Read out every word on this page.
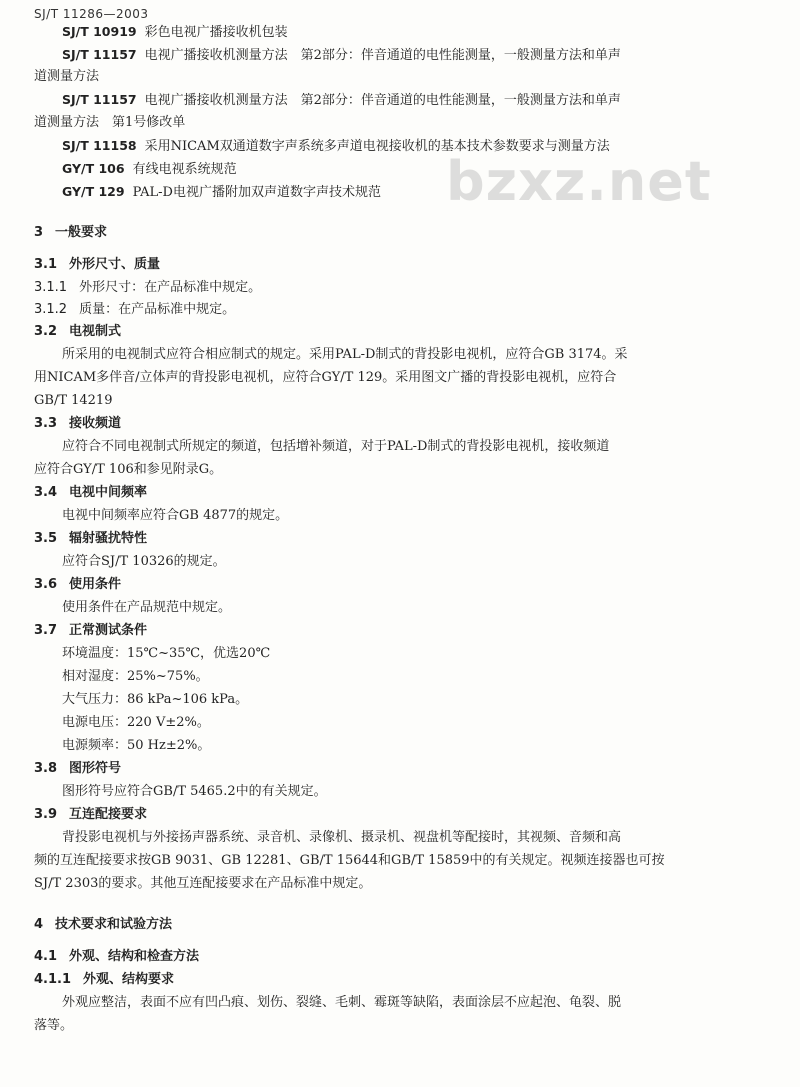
SJ/T 11286—2003
bzxz.net
SJ/T 10919 彩色电视广播接收机包装
SJ/T 11157 电视广播接收机测量方法　第2部分：伴音通道的电性能测量，一般测量方法和单声
道测量方法
SJ/T 11157 电视广播接收机测量方法　第2部分：伴音通道的电性能测量，一般测量方法和单声
道测量方法　第1号修改单
SJ/T 11158 采用NICAM双通道数字声系统多声道电视接收机的基本技术参数要求与测量方法
GY/T 106 有线电视系统规范
GY/T 129 PAL-D电视广播附加双声道数字声技术规范
3 一般要求
3.1 外形尺寸、质量
3.1.1 外形尺寸：在产品标准中规定。
3.1.2 质量：在产品标准中规定。
3.2 电视制式
所采用的电视制式应符合相应制式的规定。采用PAL-D制式的背投影电视机，应符合GB 3174。采
用NICAM多伴音/立体声的背投影电视机，应符合GY/T 129。采用图文广播的背投影电视机，应符合
GB/T 14219
3.3 接收频道
应符合不同电视制式所规定的频道，包括增补频道，对于PAL-D制式的背投影电视机，接收频道
应符合GY/T 106和参见附录G。
3.4 电视中间频率
电视中间频率应符合GB 4877的规定。
3.5 辐射骚扰特性
应符合SJ/T 10326的规定。
3.6 使用条件
使用条件在产品规范中规定。
3.7 正常测试条件
环境温度：15℃~35℃，优选20℃
相对湿度：25%~75%。
大气压力：86 kPa~106 kPa。
电源电压：220 V±2%。
电源频率：50 Hz±2%。
3.8 图形符号
图形符号应符合GB/T 5465.2中的有关规定。
3.9 互连配接要求
背投影电视机与外接扬声器系统、录音机、录像机、摄录机、视盘机等配接时，其视频、音频和高
频的互连配接要求按GB 9031、GB 12281、GB/T 15644和GB/T 15859中的有关规定。视频连接器也可按
SJ/T 2303的要求。其他互连配接要求在产品标准中规定。
4 技术要求和试验方法
4.1 外观、结构和检查方法
4.1.1 外观、结构要求
外观应整洁，表面不应有凹凸痕、划伤、裂缝、毛刺、霉斑等缺陷，表面涂层不应起泡、龟裂、脱
落等。
